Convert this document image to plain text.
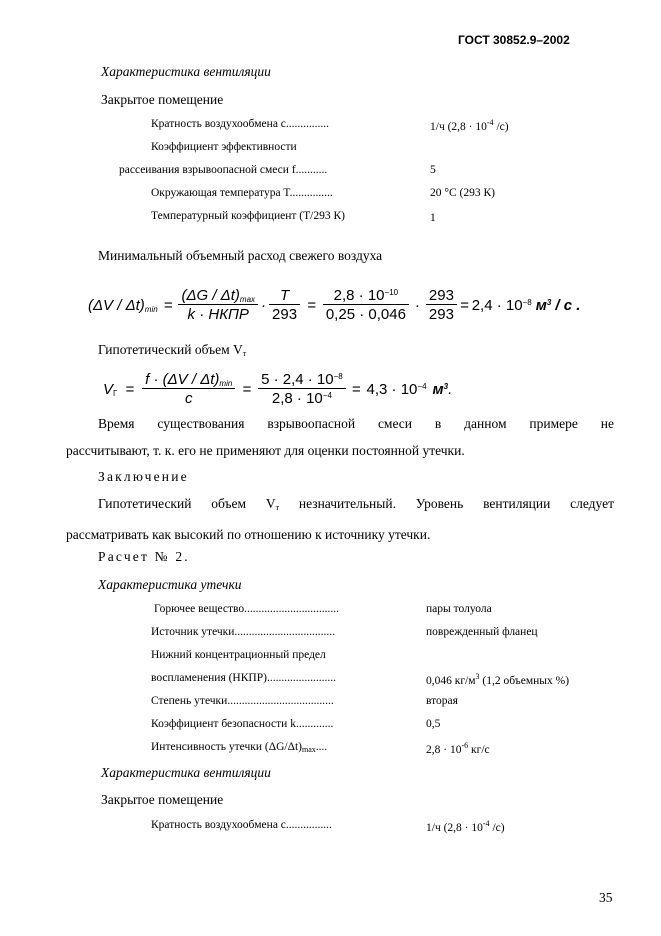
ГОСТ 30852.9–2002
Характеристика вентиляции
Закрытое помещение
Кратность воздухообмена c...............	1/ч ($2,8 \cdot 10^{-4}$ /c)
Коэффициент эффективности
рассеивания взрывоопасной смеси f...........	5
Окружающая температура T...............	20 °С (293 К)
Температурный коэффициент (T/293 К)	1
Минимальный объемный расход свежего воздуха
$(\Delta V / \Delta t)_{min} = \frac{(\Delta G / \Delta t)_{max}}{\text{k · НКПР}} \cdot \frac{T}{293} = \frac{2,8 \cdot 10^{-10}}{0,25 \cdot 0,046} \cdot \frac{293}{293} = 2,4 \cdot 10^{-8}$ $м^3$ / с .
Гипотетический объем $V_т$
$V_Г = \frac{f \cdot (\Delta V / \Delta t)_{min}}{c} = \frac{5 \cdot 2,4 \cdot 10^{-8}}{2,8 \cdot 10^{-4}} = 4,3 \cdot 10^{-4}$ $м^3$.
Время существования взрывоопасной смеси в данном примере не
рассчитывают, т. к. его не применяют для оценки постоянной утечки.
Заключение
Гипотетический объем $V_т$ незначительный. Уровень вентиляции следует
рассматривать как высокий по отношению к источнику утечки.
Расчет № 2.
Характеристика утечки
Горючее вещество.................................	пары толуола
Источник утечки...................................	поврежденный фланец
Нижний концентрационный предел
воспламенения (НКПР)........................	0,046 $кг/м^3$ (1,2 объемных %)
Степень утечки.....................................	вторая
Коэффициент безопасности k.............	0,5
Интенсивность утечки $(\Delta G/\Delta t)_{max}$....	$2,8 \cdot 10^{-6}$ кг/с
Характеристика вентиляции
Закрытое помещение
Кратность воздухообмена c................	1/ч ($2,8 \cdot 10^{-4}$ /c)
35
